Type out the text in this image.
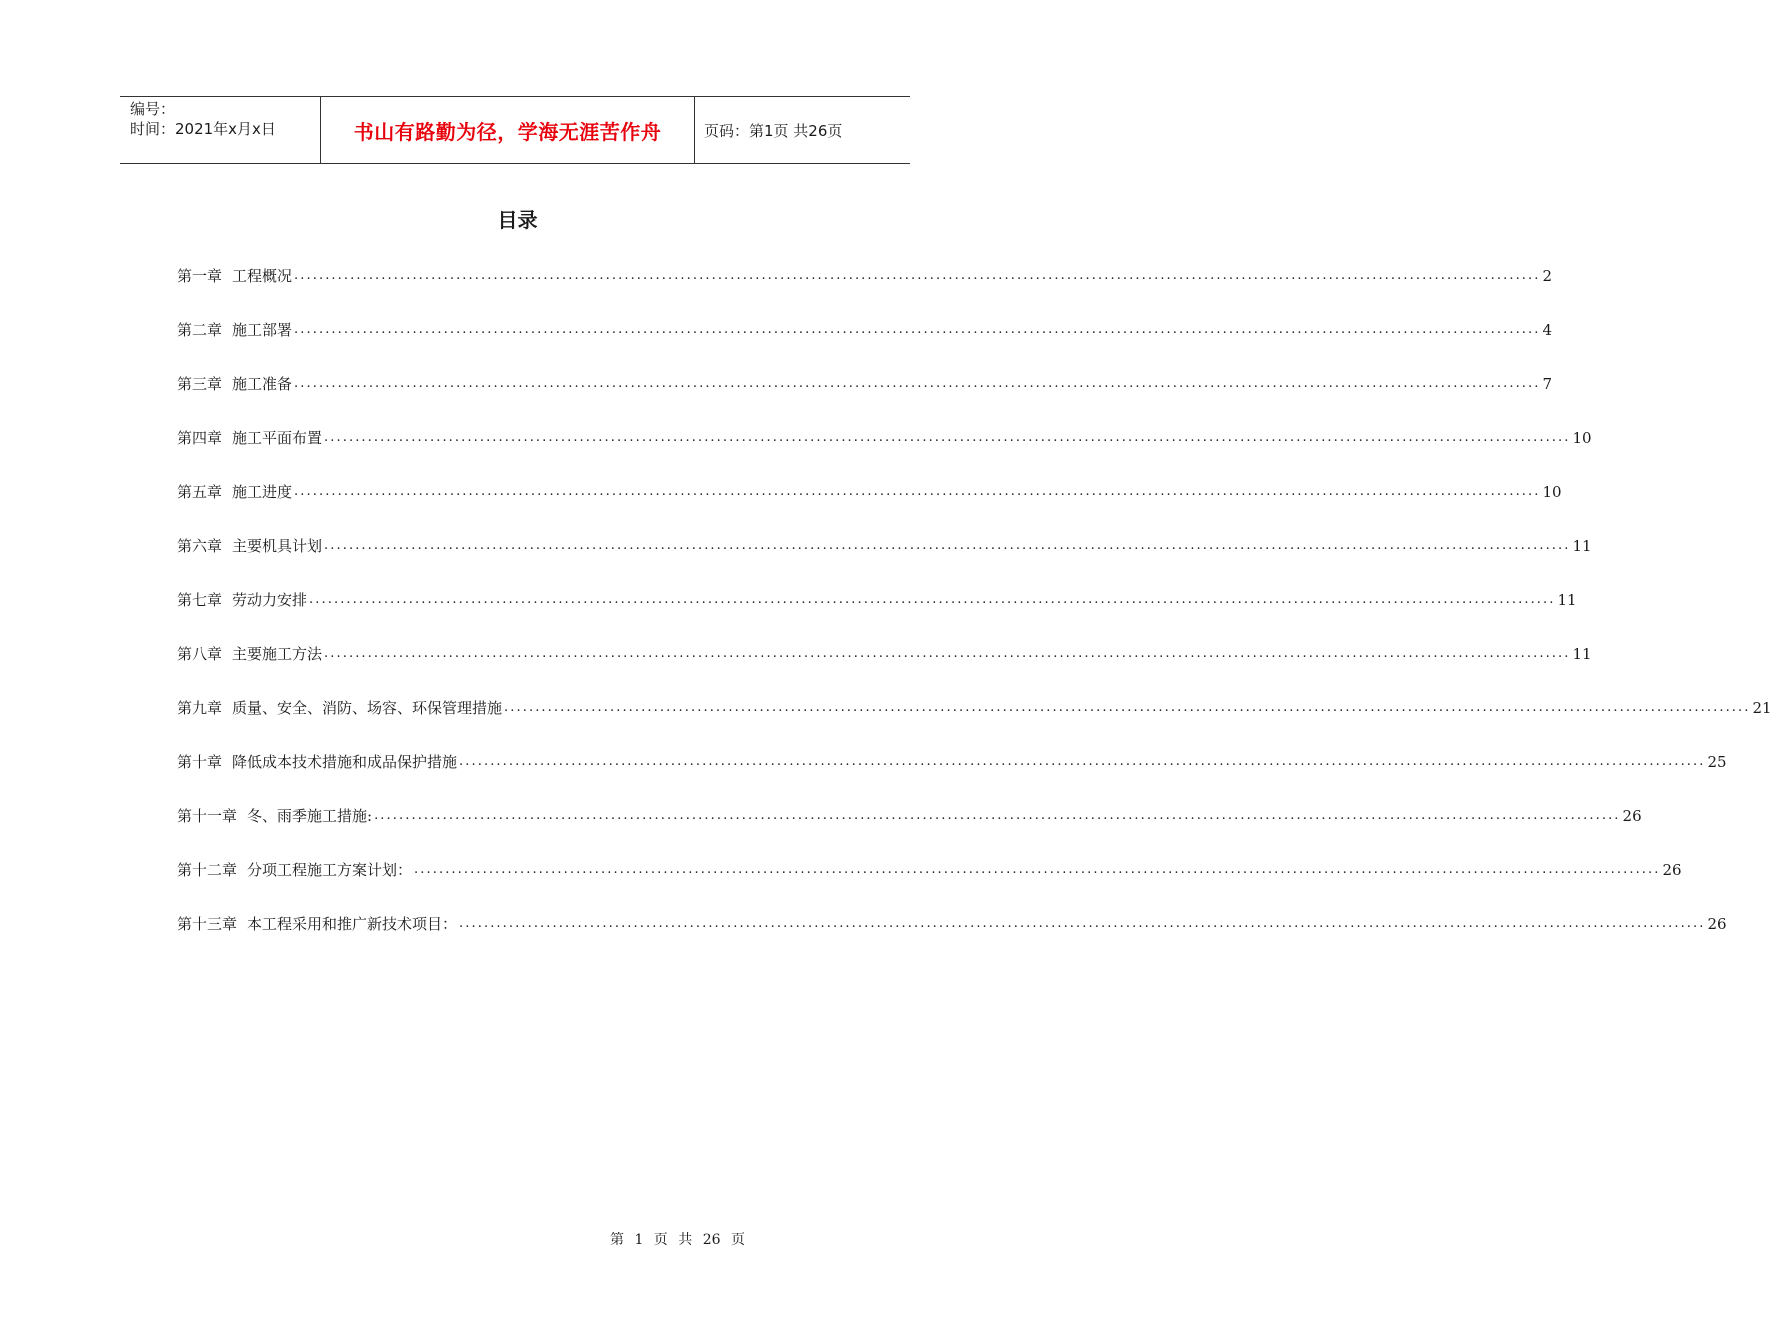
编号：
时间：2021年x月x日	书山有路勤为径，学海无涯苦作舟	页码：第1页 共26页
目录
第一章 工程概况 ........................................................................................................................................................................................................ 2
第二章 施工部署 ........................................................................................................................................................................................................ 4
第三章 施工准备 ........................................................................................................................................................................................................ 7
第四章 施工平面布置 ........................................................................................................................................................................................................ 10
第五章 施工进度 ........................................................................................................................................................................................................ 10
第六章 主要机具计划 ........................................................................................................................................................................................................ 11
第七章 劳动力安排 ........................................................................................................................................................................................................ 11
第八章 主要施工方法 ........................................................................................................................................................................................................ 11
第九章 质量、安全、消防、场容、环保管理措施 ........................................................................................................................................................................................................ 21
第十章 降低成本技术措施和成品保护措施 ........................................................................................................................................................................................................ 25
第十一章 冬、雨季施工措施: ........................................................................................................................................................................................................ 26
第十二章 分项工程施工方案计划： ........................................................................................................................................................................................................ 26
第十三章 本工程采用和推广新技术项目： ........................................................................................................................................................................................................ 26
第 1 页 共 26 页
